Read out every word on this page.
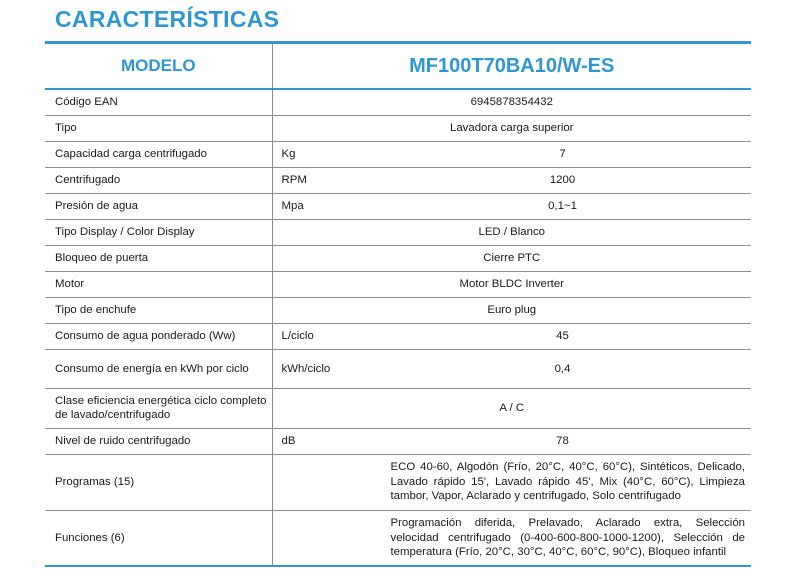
CARACTERÍSTICAS
MODELO	MF100T70BA10/W-ES	
Código EAN	6945878354432	
Tipo	Lavadora carga superior	
Capacidad carga centrifugado	Kg	7
Centrifugado	RPM	1200
Presión de agua	Mpa	0,1~1
Tipo Display / Color Display	LED / Blanco	
Bloqueo de puerta	Cierre PTC	
Motor	Motor BLDC Inverter	
Tipo de enchufe	Euro plug	
Consumo de agua ponderado (Ww)	L/ciclo	45
Consumo de energía en kWh por ciclo	kWh/ciclo	0,4
Clase eficiencia energética ciclo completo de lavado/centrifugado	A / C	
Nivel de ruido centrifugado	dB	78
Programas (15)	ECO 40-60, Algodón (Frío, 20°C, 40°C, 60°C), Sintéticos, Delicado, Lavado rápido 15', Lavado rápido 45', Mix (40°C, 60°C), Limpieza tambor, Vapor, Aclarado y centrifugado, Solo centrifugado	
Funciones (6)	Programación diferida, Prelavado, Aclarado extra, Selección velocidad centrifugado (0-400-600-800-1000-1200), Selección de temperatura (Frío, 20°C, 30°C, 40°C, 60°C, 90°C), Bloqueo infantil	
